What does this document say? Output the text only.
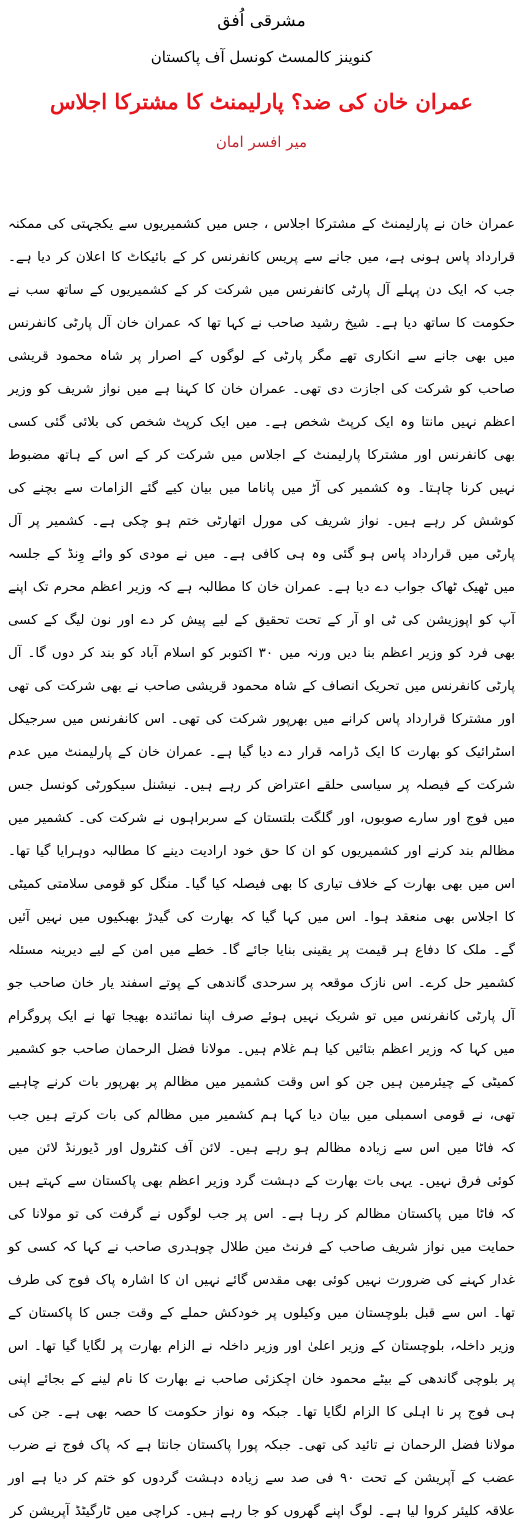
مشرقی اُفق
کنوینز کالمسٹ کونسل آف پاکستان
عمران خان کی ضد؟ پارلیمنٹ کا مشترکا اجلاس
میر افسر امان

عمران خان نے پارلیمنٹ کے مشترکا اجلاس ، جس میں کشمیریوں سے یکجہتی کی ممکنہ قرارداد پاس ہونی ہے، میں جانے سے پریس کانفرنس کر کے بائیکاٹ کا اعلان کر دیا ہے۔ جب کہ ایک دن پہلے آل پارٹی کانفرنس میں شرکت کر کے کشمیریوں کے ساتھ سب نے حکومت کا ساتھ دیا ہے۔ شیخ رشید صاحب نے کہا تھا کہ عمران خان آل پارٹی کانفرنس میں بھی جانے سے انکاری تھے مگر پارٹی کے لوگوں کے اصرار پر شاہ محمود قریشی صاحب کو شرکت کی اجازت دی تھی۔ عمران خان کا کہنا ہے میں نواز شریف کو وزیر اعظم نہیں مانتا وہ ایک کرپٹ شخص ہے۔ میں ایک کرپٹ شخص کی بلائی گئی کسی بھی کانفرنس اور مشترکا پارلیمنٹ کے اجلاس میں شرکت کر کے اس کے ہاتھ مضبوط نہیں کرنا چاہتا۔ وہ کشمیر کی آڑ میں پاناما میں بیان کیے گئے الزامات سے بچنے کی کوشش کر رہے ہیں۔ نواز شریف کی مورل اتھارٹی ختم ہو چکی ہے۔ کشمیر پر آل پارٹی میں قرارداد پاس ہو گئی وہ ہی کافی ہے۔ میں نے مودی کو وائے وِنڈ کے جلسہ میں ٹھیک ٹھاک جواب دے دیا ہے۔ عمران خان کا مطالبہ ہے کہ وزیر اعظم محرم تک اپنے آپ کو اپوزیشن کی ٹی او آر کے تحت تحقیق کے لیے پیش کر دے اور نون لیگ کے کسی بھی فرد کو وزیر اعظم بنا دیں ورنہ میں ۳۰ اکتوبر کو اسلام آباد کو بند کر دوں گا۔ آل پارٹی کانفرنس میں تحریک انصاف کے شاہ محمود قریشی صاحب نے بھی شرکت کی تھی اور مشترکا قرارداد پاس کرانے میں بھرپور شرکت کی تھی۔ اس کانفرنس میں سرجیکل اسٹرائیک کو بھارت کا ایک ڈرامہ قرار دے دیا گیا ہے۔ عمران خان کے پارلیمنٹ میں عدم شرکت کے فیصلہ پر سیاسی حلقے اعتراض کر رہے ہیں۔ نیشنل سیکورٹی کونسل جس میں فوج اور سارے صوبوں، اور گلگت بلتستان کے سربراہوں نے شرکت کی۔ کشمیر میں مظالم بند کرنے اور کشمیریوں کو ان کا حق خود ارادیت دینے کا مطالبہ دوہرایا گیا تھا۔ اس میں بھی بھارت کے خلاف تیاری کا بھی فیصلہ کیا گیا۔ منگل کو قومی سلامتی کمیٹی کا اجلاس بھی منعقد ہوا۔ اس میں کہا گیا کہ بھارت کی گیدڑ بھبکیوں میں نہیں آئیں گے۔ ملک کا دفاع ہر قیمت پر یقینی بنایا جائے گا۔ خطے میں امن کے لیے دیرینہ مسئلہ کشمیر حل کرے۔ اس نازک موقعہ پر سرحدی گاندھی کے پوتے اسفند یار خان صاحب جو آل پارٹی کانفرنس میں تو شریک نہیں ہوئے صرف اپنا نمائندہ بھیجا تھا نے ایک پروگرام میں کہا کہ وزیر اعظم بتائیں کیا ہم غلام ہیں۔ مولانا فضل الرحمان صاحب جو کشمیر کمیٹی کے چیئرمین ہیں جن کو اس وقت کشمیر میں مظالم پر بھرپور بات کرنے چاہیے تھی، نے قومی اسمبلی میں بیان دیا کہا ہم کشمیر میں مظالم کی بات کرتے ہیں جب کہ فاٹا میں اس سے زیادہ مظالم ہو رہے ہیں۔ لائن آف کنٹرول اور ڈیورنڈ لائن میں کوئی فرق نہیں۔ یہی بات بھارت کے دہشت گرد وزیر اعظم بھی پاکستان سے کہتے ہیں کہ فاٹا میں پاکستان مظالم کر رہا ہے۔ اس پر جب لوگوں نے گرفت کی تو مولانا کی حمایت میں نواز شریف صاحب کے فرنٹ مین طلال چوہدری صاحب نے کہا کہ کسی کو غدار کہنے کی ضرورت نہیں کوئی بھی مقدس گائے نہیں ان کا اشارہ پاک فوج کی طرف تھا۔ اس سے قبل بلوچستان میں وکیلوں پر خودکش حملے کے وقت جس کا پاکستان کے وزیر داخلہ، بلوچستان کے وزیر اعلیٰ اور وزیر داخلہ نے الزام بھارت پر لگایا گیا تھا۔ اس پر بلوچی گاندھی کے بیٹے محمود خان اچکزئی صاحب نے بھارت کا نام لینے کے بجائے اپنی ہی فوج پر نا اہلی کا الزام لگایا تھا۔ جبکہ وہ نواز حکومت کا حصہ بھی ہے۔ جن کی مولانا فضل الرحمان نے تائید کی تھی۔ جبکہ پورا پاکستان جانتا ہے کہ پاک فوج نے ضرب عضب کے آپریشن کے تحت ۹۰ فی صد سے زیادہ دہشت گردوں کو ختم کر دیا ہے اور علاقہ کلیئر کروا لیا ہے۔ لوگ اپنے گھروں کو جا رہے ہیں۔ کراچی میں ٹارگیٹڈ آپریشن کر
